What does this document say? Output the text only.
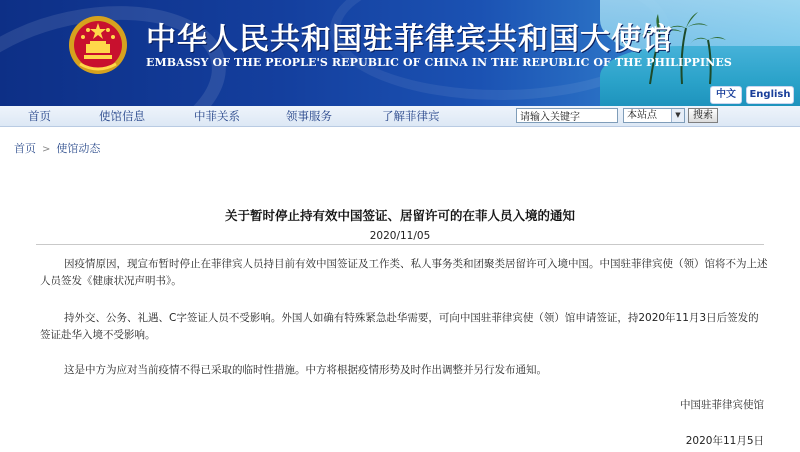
中华人民共和国驻菲律宾共和国大使馆
EMBASSY OF THE PEOPLE'S REPUBLIC OF CHINA IN THE REPUBLIC OF THE PHILIPPINES
中文	English
首页	使馆信息	中菲关系	领事服务	了解菲律宾
请输入关键字	本站点	▼	搜索
首页 > 使馆动态
关于暂时停止持有效中国签证、居留许可的在菲人员入境的通知
2020/11/05
因疫情原因，现宣布暂时停止在菲律宾人员持目前有效中国签证及工作类、私人事务类和团聚类居留许可入境中国。中国驻菲律宾使（领）馆将不为上述人员签发《健康状况声明书》。
持外交、公务、礼遇、C字签证人员不受影响。外国人如确有特殊紧急赴华需要，可向中国驻菲律宾使（领）馆申请签证，持2020年11月3日后签发的签证赴华入境不受影响。
这是中方为应对当前疫情不得已采取的临时性措施。中方将根据疫情形势及时作出调整并另行发布通知。
中国驻菲律宾使馆
2020年11月5日
